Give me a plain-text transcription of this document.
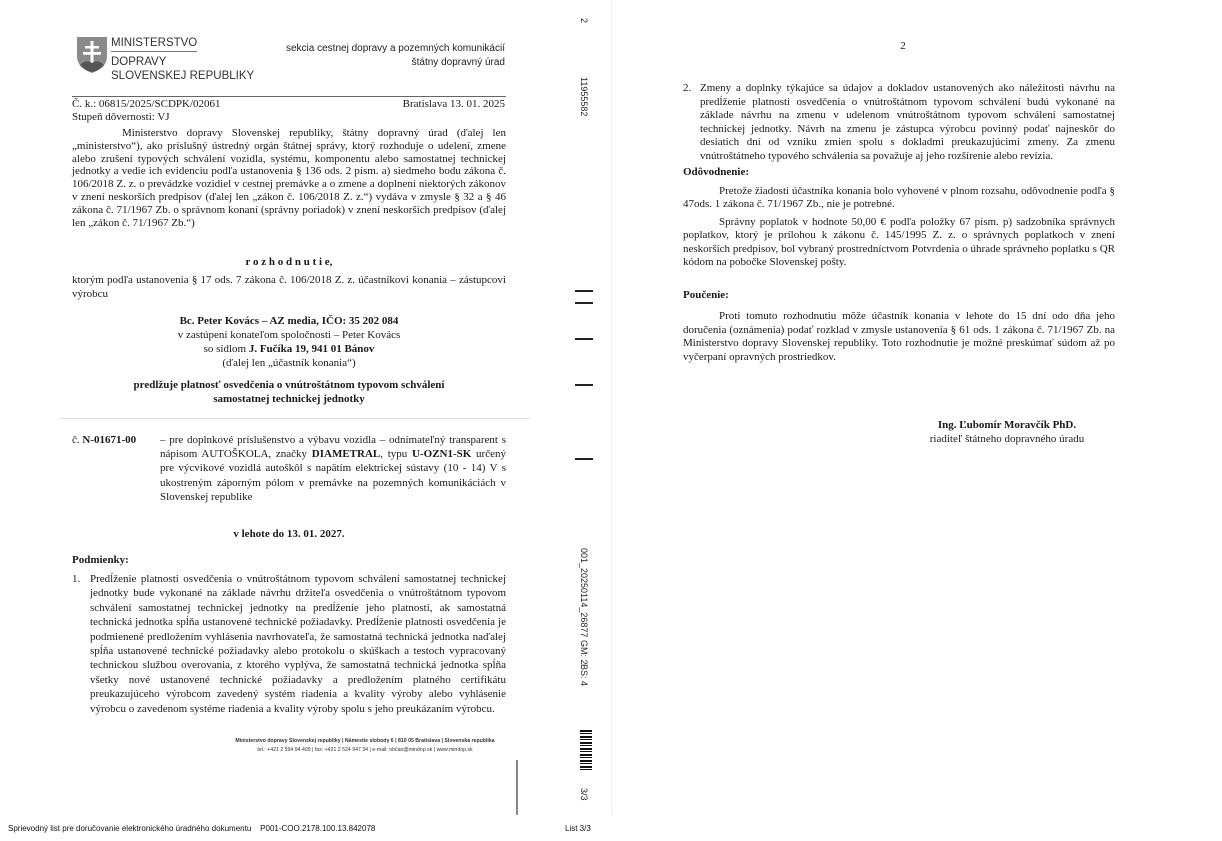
MINISTERSTVO
DOPRAVY
SLOVENSKEJ REPUBLIKY
sekcia cestnej dopravy a pozemných komunikácií
štátny dopravný úrad
Č. k.: 06815/2025/SCDPK/02061
Stupeň dôvernosti: VJ
Bratislava 13. 01. 2025

Ministerstvo dopravy Slovenskej republiky, štátny dopravný úrad (ďalej len „ministerstvo“), ako príslušný ústredný orgán štátnej správy, ktorý rozhoduje o udelení, zmene alebo zrušení typových schválení vozidla, systému, komponentu alebo samostatnej technickej jednotky a vedie ich evidenciu podľa ustanovenia § 136 ods. 2 písm. a) siedmeho bodu zákona č. 106/2018 Z. z. o prevádzke vozidiel v cestnej premávke a o zmene a doplnení niektorých zákonov v znení neskorších predpisov (ďalej len „zákon č. 106/2018 Z. z.“) vydáva v zmysle § 32 a § 46 zákona č. 71/1967 Zb. o správnom konaní (správny poriadok) v znení neskorších predpisov (ďalej len „zákon č. 71/1967 Zb.“)

r o z h o d n u t i e,

ktorým podľa ustanovenia § 17 ods. 7 zákona č. 106/2018 Z. z. účastníkovi konania – zástupcovi výrobcu

Bc. Peter Kovács – AZ media, IČO: 35 202 084
v zastúpení konateľom spoločnosti – Peter Kovács
so sídlom J. Fučíka 19, 941 01 Bánov
(ďalej len „účastník konania“)
predlžuje platnosť osvedčenia o vnútroštátnom typovom schválení samostatnej technickej jednotky
č. N-01671-00	– pre doplnkové príslušenstvo a výbavu vozidla – odnímateľný transparent s nápisom AUTOŠKOLA, značky DIAMETRAL, typu U-OZN1-SK určený pre výcvikové vozidlá autoškôl s napätím elektrickej sústavy (10 - 14) V s ukostreným záporným pólom v premávke na pozemných komunikáciách v Slovenskej republike

v lehote do 13. 01. 2027.
Podmienky:
1. Predĺženie platnosti osvedčenia o vnútroštátnom typovom schválení samostatnej technickej jednotky bude vykonané na základe návrhu držiteľa osvedčenia o vnútroštátnom typovom schválení samostatnej technickej jednotky na predĺženie jeho platnosti, ak samostatná technická jednotka spĺňa ustanovené technické požiadavky. Predĺženie platnosti osvedčenia je podmienené predložením vyhlásenia navrhovateľa, že samostatná technická jednotka naďalej spĺňa ustanovené technické požiadavky alebo protokolu o skúškach a testoch vypracovaný technickou službou overovania, z ktorého vyplýva, že samostatná technická jednotka spĺňa všetky nové ustanovené technické požiadavky a predložením platného certifikátu preukazujúceho výrobcom zavedený systém riadenia a kvality výroby alebo vyhlásenie výrobcu o zavedenom systéme riadenia a kvality výroby spolu s jeho preukázaním výrobcu.

Ministerstvo dopravy Slovenskej republiky | Námestie slobody 6 | 810 05 Bratislava | Slovenská republika
tel.: +421 2 594 94 409 | fax: +421 2 524 947 34 | e-mail: občan@mindop.sk | www.mindop.sk
2
11955582
001_20250114_26877
GM: 2
BS: 4
3/3
2
2. Zmeny a doplnky týkajúce sa údajov a dokladov ustanovených ako náležitosti návrhu na predĺženie platnosti osvedčenia o vnútroštátnom typovom schválení budú vykonané na základe návrhu na zmenu v udelenom vnútroštátnom typovom schválení samostatnej technickej jednotky. Návrh na zmenu je zástupca výrobcu povinný podať najneskôr do desiatich dní od vzniku zmien spolu s dokladmi preukazujúcimi zmeny. Za zmenu vnútroštátneho typového schválenia sa považuje aj jeho rozšírenie alebo revízia.

Odôvodnenie:

Pretože žiadosti účastníka konania bolo vyhovené v plnom rozsahu, odôvodnenie podľa § 47ods. 1 zákona č. 71/1967 Zb., nie je potrebné.

Správny poplatok v hodnote 50,00 € podľa položky 67 písm. p) sadzobníka správnych poplatkov, ktorý je prílohou k zákonu č. 145/1995 Z. z. o správnych poplatkoch v znení neskorších predpisov, bol vybraný prostredníctvom Potvrdenia o úhrade správneho poplatku s QR kódom na pobočke Slovenskej pošty.

Poučenie:

Proti tomuto rozhodnutiu môže účastník konania v lehote do 15 dní odo dňa jeho doručenia (oznámenia) podať rozklad v zmysle ustanovenia § 61 ods. 1 zákona č. 71/1967 Zb. na Ministerstvo dopravy Slovenskej republiky. Toto rozhodnutie je možné preskúmať súdom až po vyčerpaní opravných prostriedkov.

Ing. Ľubomír Moravčík PhD.
riaditeľ štátneho dopravného úradu
Sprievodný list pre doručovanie elektronického úradného dokumentu    P001-COO.2178.100.13.842078	List 3/3
